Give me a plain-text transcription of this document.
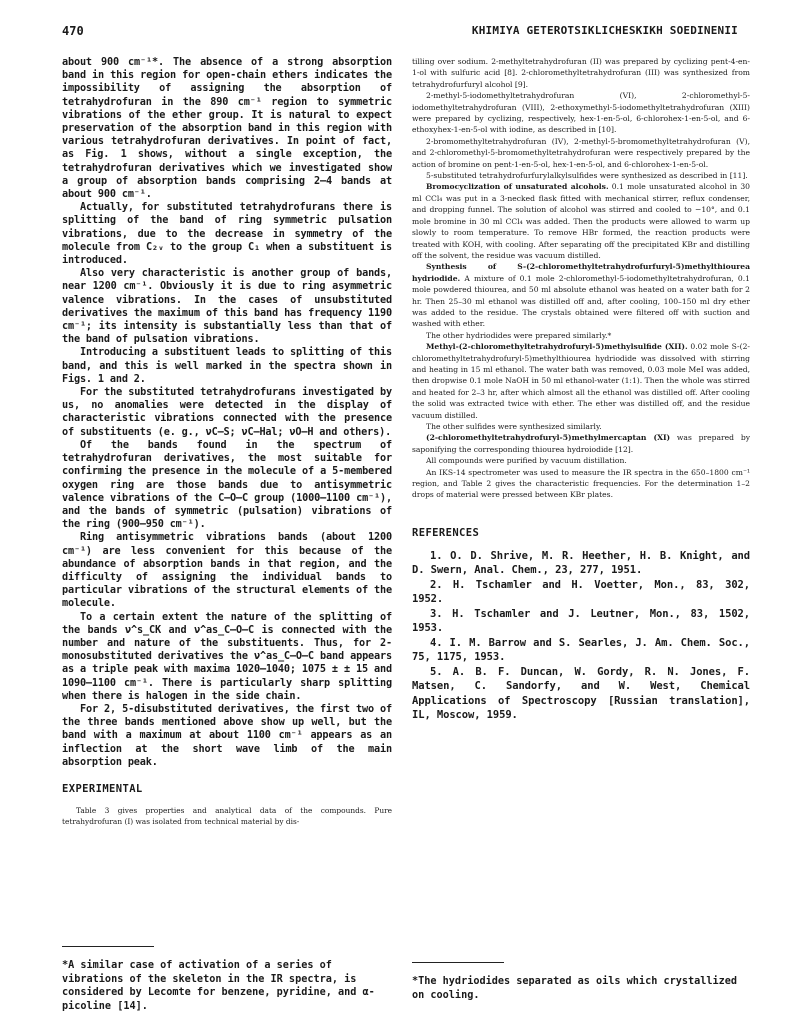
470	KHIMIYA GETEROTSIKLICHESKIKH SOEDINENII

about 900 cm⁻¹*. The absence of a strong absorption band in this region for open-chain ethers indicates the impossibility of assigning the absorption of tetrahydrofuran in the 890 cm⁻¹ region to symmetric vibrations of the ether group. It is natural to expect preservation of the absorption band in this region with various tetrahydrofuran derivatives. In point of fact, as Fig. 1 shows, without a single exception, the tetrahydrofuran derivatives which we investigated show a group of absorption bands comprising 2–4 bands at about 900 cm⁻¹.

Actually, for substituted tetrahydrofurans there is splitting of the band of ring symmetric pulsation vibrations, due to the decrease in symmetry of the molecule from C₂ᵥ to the group C₁ when a substituent is introduced.

Also very characteristic is another group of bands, near 1200 cm⁻¹. Obviously it is due to ring asymmetric valence vibrations. In the cases of unsubstituted derivatives the maximum of this band has frequency 1190 cm⁻¹; its intensity is substantially less than that of the band of pulsation vibrations.

Introducing a substituent leads to splitting of this band, and this is well marked in the spectra shown in Figs. 1 and 2.

For the substituted tetrahydrofurans investigated by us, no anomalies were detected in the display of characteristic vibrations connected with the presence of substituents (e. g., νC—S; νC—Hal; νO—H and others).

Of the bands found in the spectrum of tetrahydrofuran derivatives, the most suitable for confirming the presence in the molecule of a 5-membered oxygen ring are those bands due to antisymmetric valence vibrations of the C—O—C group (1000–1100 cm⁻¹), and the bands of symmetric (pulsation) vibrations of the ring (900–950 cm⁻¹).

Ring antisymmetric vibrations bands (about 1200 cm⁻¹) are less convenient for this because of the abundance of absorption bands in that region, and the difficulty of assigning the individual bands to particular vibrations of the structural elements of the molecule.

To a certain extent the nature of the splitting of the bands ν^s_CK and ν^as_C—O—C is connected with the number and nature of the substituents. Thus, for 2-monosubstituted derivatives the ν^as_C—O—C band appears as a triple peak with maxima 1020–1040; 1075 ± ± 15 and 1090–1100 cm⁻¹. There is particularly sharp splitting when there is halogen in the side chain.

For 2, 5-disubstituted derivatives, the first two of the three bands mentioned above show up well, but the band with a maximum at about 1100 cm⁻¹ appears as an inflection at the short wave limb of the main absorption peak.

EXPERIMENTAL

Table 3 gives properties and analytical data of the compounds. Pure tetrahydrofuran (I) was isolated from technical material by dis-

*A similar case of activation of a series of vibrations of the skeleton in the IR spectra, is considered by Lecomte for benzene, pyridine, and α-picoline [14].

tilling over sodium. 2-methyltetrahydrofuran (II) was prepared by cyclizing pent-4-en-1-ol with sulfuric acid [8]. 2-chloromethyltetrahydrofuran (III) was synthesized from tetrahydrofurfuryl alcohol [9].

2-methyl-5-iodomethyltetrahydrofuran (VI), 2-chloromethyl-5-iodomethyltetrahydrofuran (VIII), 2-ethoxymethyl-5-iodomethyltetrahydrofuran (XIII) were prepared by cyclizing, respectively, hex-1-en-5-ol, 6-chlorohex-1-en-5-ol, and 6-ethoxyhex-1-en-5-ol with iodine, as described in [10].

2-bromomethyltetrahydrofuran (IV), 2-methyl-5-bromomethyltetrahydrofuran (V), and 2-chloromethyl-5-bromomethyltetrahydrofuran were respectively prepared by the action of bromine on pent-1-en-5-ol, hex-1-en-5-ol, and 6-chlorohex-1-en-5-ol.

5-substituted tetrahydrofurfurylalkylsulfides were synthesized as described in [11].

Bromocyclization of unsaturated alcohols. 0.1 mole unsaturated alcohol in 30 ml CCl₄ was put in a 3-necked flask fitted with mechanical stirrer, reflux condenser, and dropping funnel. The solution of alcohol was stirred and cooled to −10°, and 0.1 mole bromine in 30 ml CCl₄ was added. Then the products were allowed to warm up slowly to room temperature. To remove HBr formed, the reaction products were treated with KOH, with cooling. After separating off the precipitated KBr and distilling off the solvent, the residue was vacuum distilled.

Synthesis of S-(2-chloromethyltetrahydrofurfuryl-5)methylthiourea hydriodide. A mixture of 0.1 mole 2-chloromethyl-5-iodomethyltetrahydrofuran, 0.1 mole powdered thiourea, and 50 ml absolute ethanol was heated on a water bath for 2 hr. Then 25–30 ml ethanol was distilled off and, after cooling, 100–150 ml dry ether was added to the residue. The crystals obtained were filtered off with suction and washed with ether.

The other hydriodides were prepared similarly.*

Methyl-(2-chloromethyltetrahydrofuryl-5)methylsulfide (XII). 0.02 mole S-(2-chloromethyltetrahydrofuryl-5)methylthiourea hydriodide was dissolved with stirring and heating in 15 ml ethanol. The water bath was removed, 0.03 mole MeI was added, then dropwise 0.1 mole NaOH in 50 ml ethanol-water (1:1). Then the whole was stirred and heated for 2–3 hr, after which almost all the ethanol was distilled off. After cooling the solid was extracted twice with ether. The ether was distilled off, and the residue vacuum distilled.

The other sulfides were synthesized similarly.

(2-chloromethyltetrahydrofuryl-5)methylmercaptan (XI) was prepared by saponifying the corresponding thiourea hydroiodide [12].

All compounds were purified by vacuum distillation.

An IKS-14 spectrometer was used to measure the IR spectra in the 650–1800 cm⁻¹ region, and Table 2 gives the characteristic frequencies. For the determination 1–2 drops of material were pressed between KBr plates.

REFERENCES

1. O. D. Shrive, M. R. Heether, H. B. Knight, and D. Swern, Anal. Chem., 23, 277, 1951.

2. H. Tschamler and H. Voetter, Mon., 83, 302, 1952.

3. H. Tschamler and J. Leutner, Mon., 83, 1502, 1953.

4. I. M. Barrow and S. Searles, J. Am. Chem. Soc., 75, 1175, 1953.

5. A. B. F. Duncan, W. Gordy, R. N. Jones, F. Matsen, C. Sandorfy, and W. West, Chemical Applications of Spectroscopy [Russian translation], IL, Moscow, 1959.

*The hydriodides separated as oils which crystallized on cooling.
